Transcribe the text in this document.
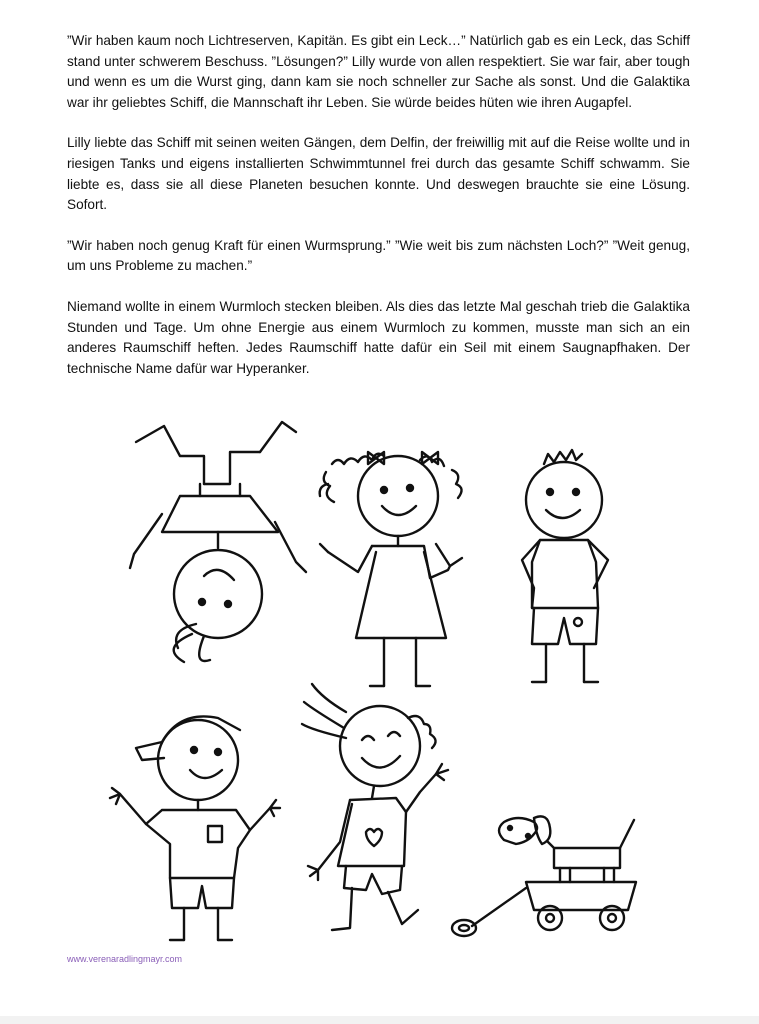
”Wir haben kaum noch Lichtreserven, Kapitän. Es gibt ein Leck…” Natürlich gab es ein Leck, das Schiff stand unter schwerem Beschuss. ”Lösungen?” Lilly wurde von allen respektiert. Sie war fair, aber tough und wenn es um die Wurst ging, dann kam sie noch schneller zur Sache als sonst. Und die Galaktika war ihr geliebtes Schiff, die Mannschaft ihr Leben. Sie würde beides hüten wie ihren Augapfel.

Lilly liebte das Schiff mit seinen weiten Gängen, dem Delfin, der freiwillig mit auf die Reise wollte und in riesigen Tanks und eigens installierten Schwimmtunnel frei durch das gesamte Schiff schwamm. Sie liebte es, dass sie all diese Planeten besuchen konnte. Und deswegen brauchte sie eine Lösung. Sofort.

”Wir haben noch genug Kraft für einen Wurmsprung.” ”Wie weit bis zum nächsten Loch?” ”Weit genug, um uns Probleme zu machen.”

Niemand wollte in einem Wurmloch stecken bleiben. Als dies das letzte Mal geschah trieb die Galaktika Stunden und Tage. Um ohne Energie aus einem Wurmloch zu kommen, musste man sich an ein anderes Raumschiff heften. Jedes Raumschiff hatte dafür ein Seil mit einem Saugnapfhaken. Der technische Name dafür war Hyperanker.

www.verenaradlingmayr.com
